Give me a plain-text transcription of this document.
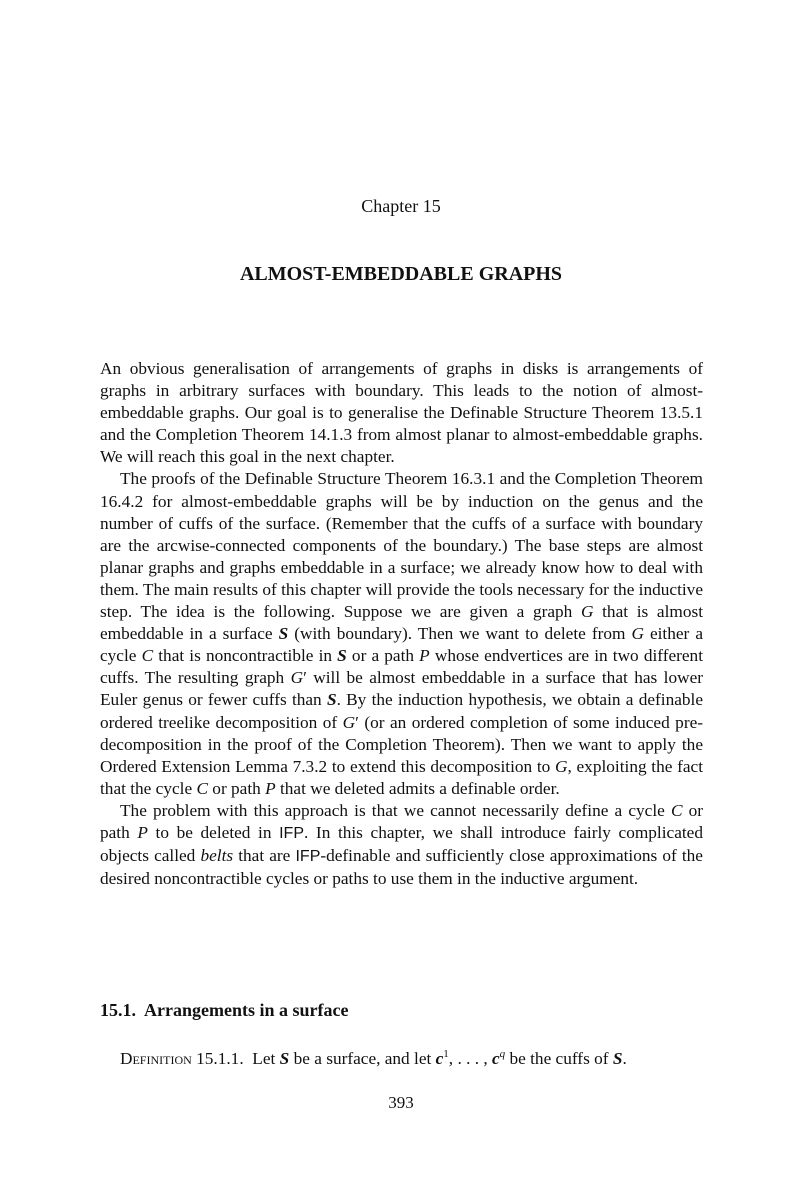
Chapter 15
ALMOST-EMBEDDABLE GRAPHS

An obvious generalisation of arrangements of graphs in disks is arrangements of graphs in arbitrary surfaces with boundary. This leads to the notion of almost-embeddable graphs. Our goal is to generalise the Definable Structure Theorem 13.5.1 and the Completion Theorem 14.1.3 from almost planar to almost-embeddable graphs. We will reach this goal in the next chapter.

The proofs of the Definable Structure Theorem 16.3.1 and the Completion Theorem 16.4.2 for almost-embeddable graphs will be by induction on the genus and the number of cuffs of the surface. (Remember that the cuffs of a surface with boundary are the arcwise-connected components of the boundary.) The base steps are almost planar graphs and graphs embeddable in a surface; we already know how to deal with them. The main results of this chapter will provide the tools necessary for the inductive step. The idea is the following. Suppose we are given a graph G that is almost embeddable in a surface S (with boundary). Then we want to delete from G either a cycle C that is noncontractible in S or a path P whose endvertices are in two different cuffs. The resulting graph G′ will be almost embeddable in a surface that has lower Euler genus or fewer cuffs than S. By the induction hypothesis, we obtain a definable ordered treelike decomposition of G′ (or an ordered completion of some induced pre-decomposition in the proof of the Completion Theorem). Then we want to apply the Ordered Extension Lemma 7.3.2 to extend this decomposition to G, exploiting the fact that the cycle C or path P that we deleted admits a definable order.

The problem with this approach is that we cannot necessarily define a cycle C or path P to be deleted in IFP. In this chapter, we shall introduce fairly complicated objects called belts that are IFP-definable and sufficiently close approximations of the desired noncontractible cycles or paths to use them in the inductive argument.

15.1. Arrangements in a surface
Definition 15.1.1. Let S be a surface, and let $c^1$, . . . , $c^q$ be the cuffs of S.
393
